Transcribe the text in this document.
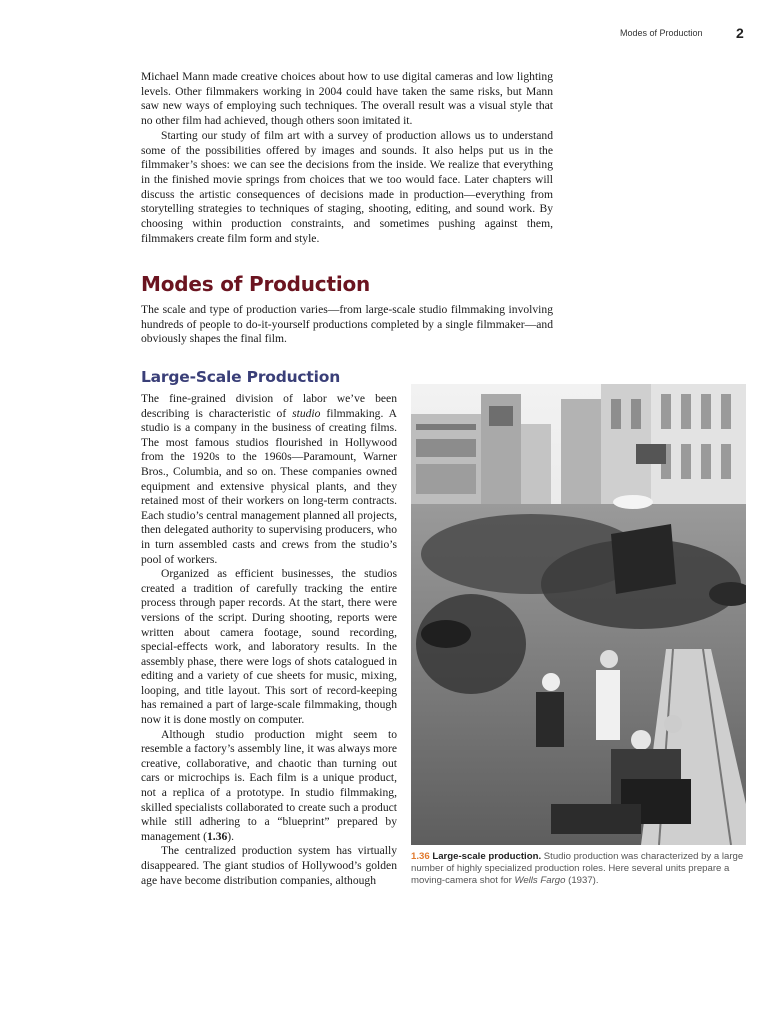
Modes of Production 2

Michael Mann made creative choices about how to use digital cameras and low lighting levels. Other filmmakers working in 2004 could have taken the same risks, but Mann saw new ways of employing such techniques. The overall result was a visual style that no other film had achieved, though others soon imitated it.

Starting our study of film art with a survey of production allows us to understand some of the possibilities offered by images and sounds. It also helps put us in the filmmaker’s shoes: we can see the decisions from the inside. We realize that everything in the finished movie springs from choices that we too would face. Later chapters will discuss the artistic consequences of decisions made in production—everything from storytelling strategies to techniques of staging, shooting, editing, and sound work. By choosing within production constraints, and sometimes pushing against them, filmmakers create film form and style.

Modes of Production

The scale and type of production varies—from large-scale studio filmmaking involving hundreds of people to do-it-yourself productions completed by a single filmmaker—and obviously shapes the final film.

Large-Scale Production

The fine-grained division of labor we’ve been describing is characteristic of studio filmmaking. A studio is a company in the business of creating films. The most famous studios flourished in Hollywood from the 1920s to the 1960s—Paramount, Warner Bros., Columbia, and so on. These companies owned equipment and extensive physical plants, and they retained most of their workers on long-term contracts. Each studio’s central management planned all projects, then delegated authority to supervising producers, who in turn assembled casts and crews from the studio’s pool of workers.

Organized as efficient businesses, the studios created a tradition of carefully tracking the entire process through paper records. At the start, there were versions of the script. During shooting, reports were written about camera footage, sound recording, special-effects work, and laboratory results. In the assembly phase, there were logs of shots catalogued in editing and a variety of cue sheets for music, mixing, looping, and title layout. This sort of record-keeping has remained a part of large-scale filmmaking, though now it is done mostly on computer.

Although studio production might seem to resemble a factory’s assembly line, it was always more creative, collaborative, and chaotic than turning out cars or microchips is. Each film is a unique product, not a replica of a prototype. In studio filmmaking, skilled specialists collaborated to create such a product while still adhering to a “blueprint” prepared by management (1.36).

The centralized production system has virtually disappeared. The giant studios of Hollywood’s golden age have become distribution companies, although

1.36 Large-scale production. Studio production was characterized by a large number of highly specialized production roles. Here several units prepare a moving-camera shot for Wells Fargo (1937).
